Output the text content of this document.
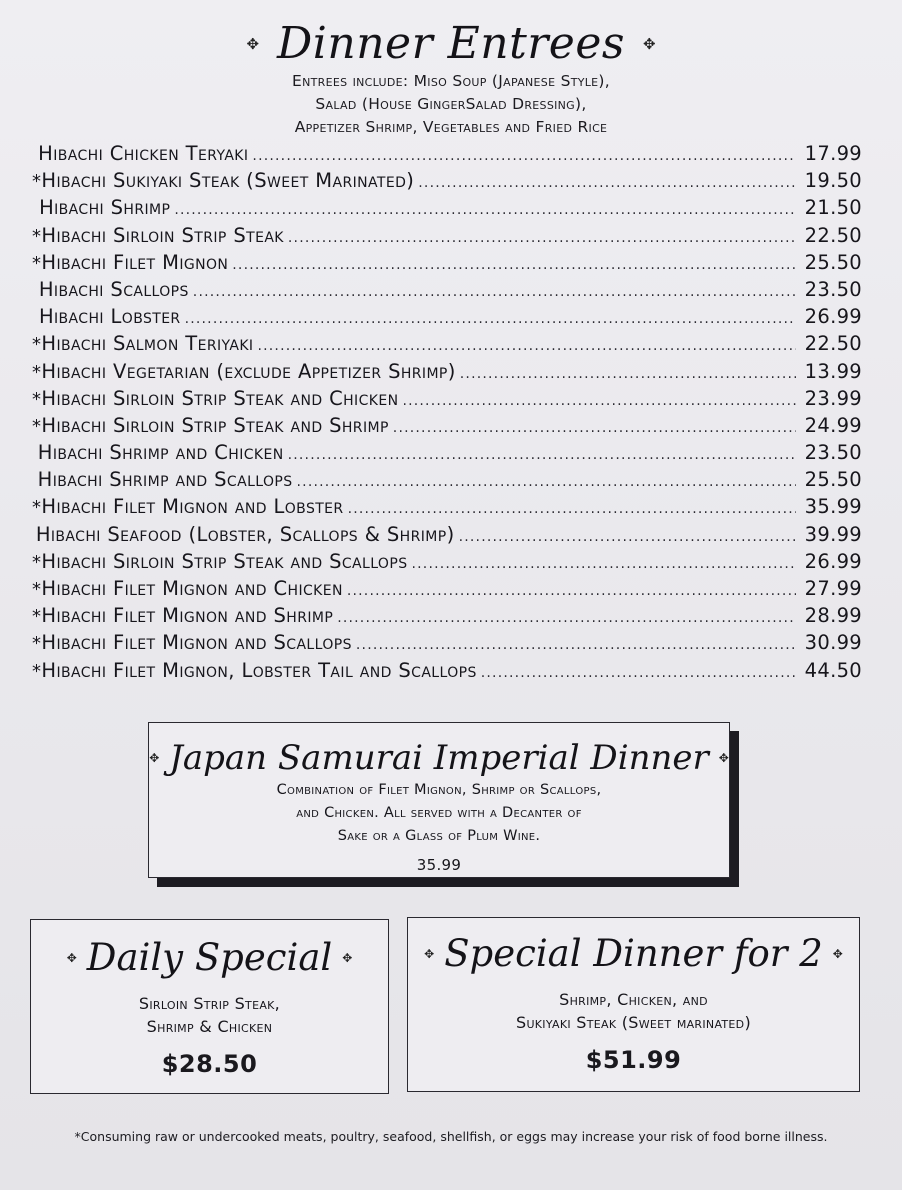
✥ Dinner Entrees ✥
Entrees include: Miso Soup (Japanese Style),
Salad (House GingerSalad Dressing),
Appetizer Shrimp, Vegetables and Fried Rice
Hibachi Chicken Teryaki .....	17.99
* Hibachi Sukiyaki Steak (Sweet Marinated) .....	19.50
Hibachi Shrimp .....	21.50
* Hibachi Sirloin Strip Steak .....	22.50
* Hibachi Filet Mignon .....	25.50
Hibachi Scallops .....	23.50
Hibachi Lobster .....	26.99
* Hibachi Salmon Teriyaki .....	22.50
* Hibachi Vegetarian (exclude Appetizer Shrimp) .....	13.99
* Hibachi Sirloin Strip Steak and Chicken .....	23.99
* Hibachi Sirloin Strip Steak and Shrimp .....	24.99
Hibachi Shrimp and Chicken .....	23.50
Hibachi Shrimp and Scallops .....	25.50
* Hibachi Filet Mignon and Lobster .....	35.99
Hibachi Seafood (Lobster, Scallops & Shrimp) .....	39.99
* Hibachi Sirloin Strip Steak and Scallops .....	26.99
* Hibachi Filet Mignon and Chicken .....	27.99
* Hibachi Filet Mignon and Shrimp .....	28.99
* Hibachi Filet Mignon and Scallops .....	30.99
* Hibachi Filet Mignon, Lobster Tail and Scallops .....	44.50
✥ Japan Samurai Imperial Dinner ✥
Combination of Filet Mignon, Shrimp or Scallops,
and Chicken. All served with a Decanter of
Sake or a Glass of Plum Wine.
35.99
✥ Daily Special ✥
Sirloin Strip Steak,
Shrimp & Chicken
$28.50
✥ Special Dinner for 2 ✥
Shrimp, Chicken, and
Sukiyaki Steak (Sweet marinated)
$51.99
*Consuming raw or undercooked meats, poultry, seafood, shellfish, or eggs may increase your risk of food borne illness.
